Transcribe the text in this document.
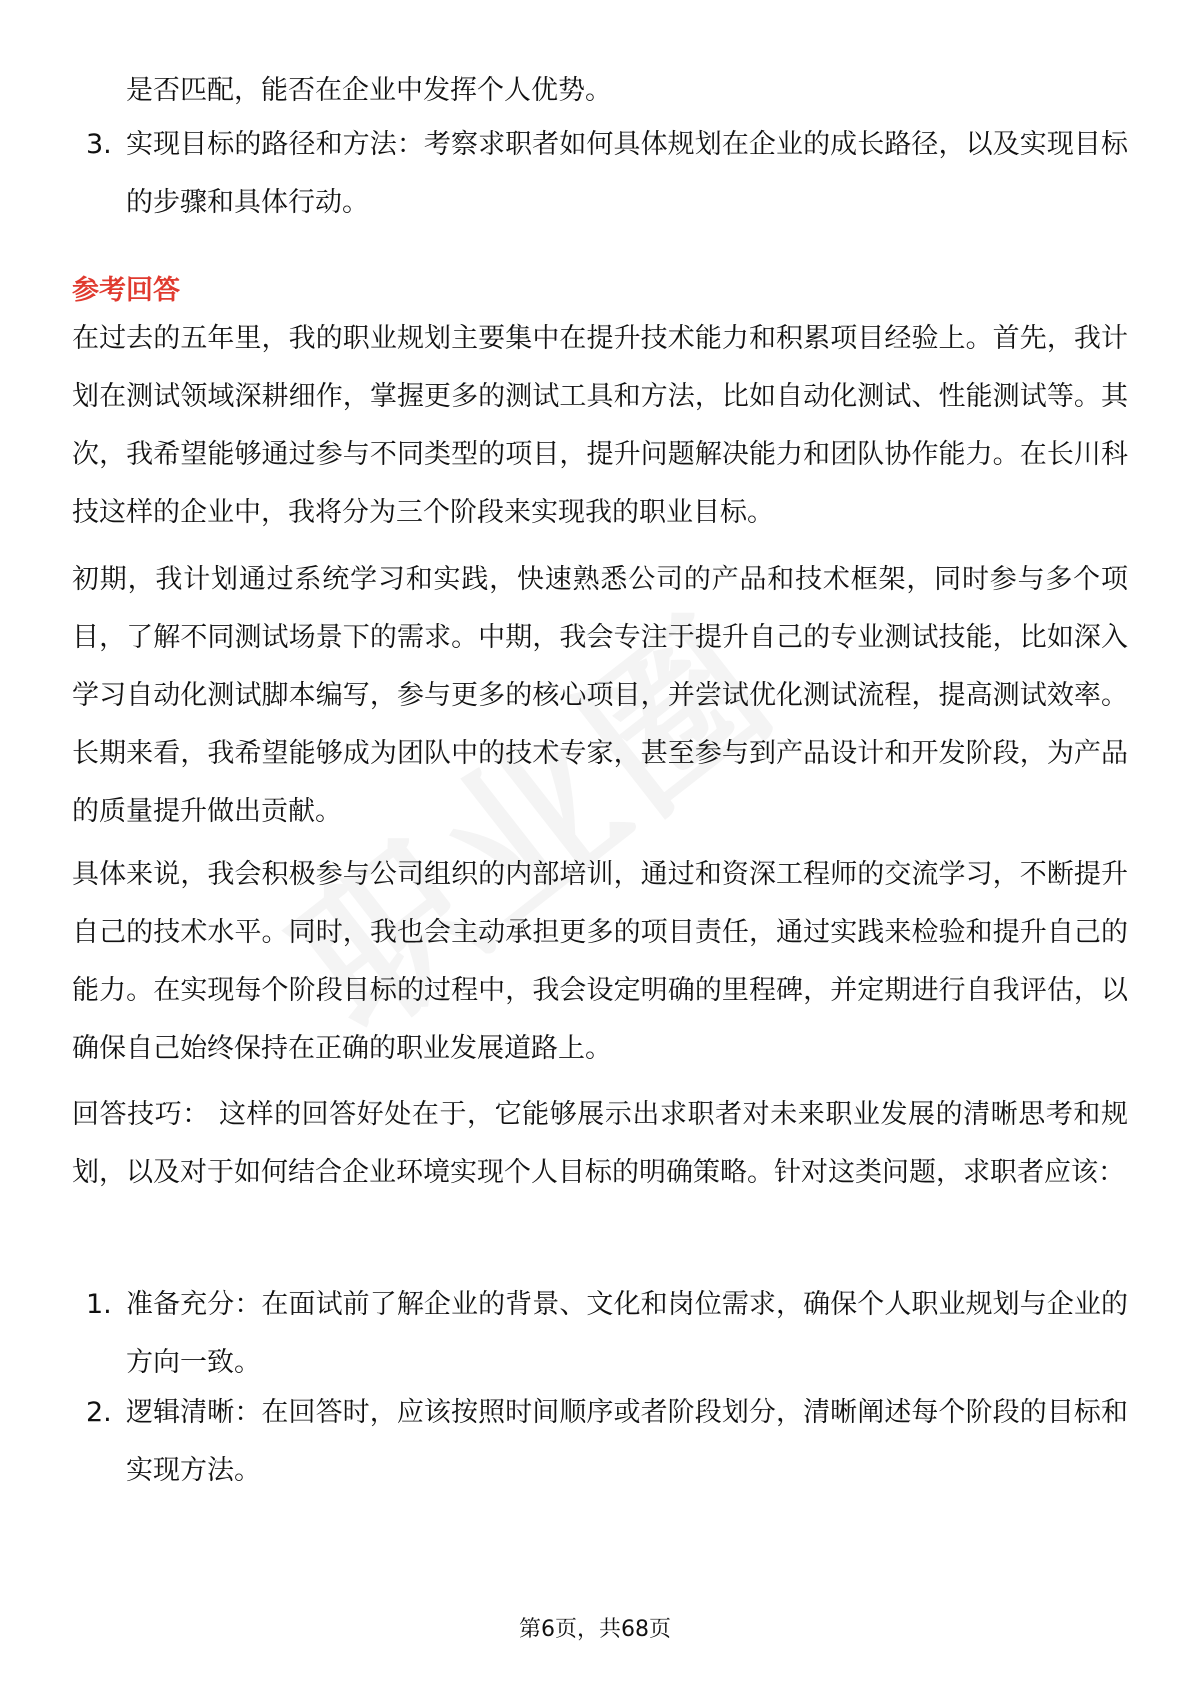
是否匹配，能否在企业中发挥个人优势。

3. 实现目标的路径和方法：考察求职者如何具体规划在企业的成长路径，以及实现目标的步骤和具体行动。
参考回答

在过去的五年里，我的职业规划主要集中在提升技术能力和积累项目经验上。首先，我计划在测试领域深耕细作，掌握更多的测试工具和方法，比如自动化测试、性能测试等。其次，我希望能够通过参与不同类型的项目，提升问题解决能力和团队协作能力。在长川科技这样的企业中，我将分为三个阶段来实现我的职业目标。

初期，我计划通过系统学习和实践，快速熟悉公司的产品和技术框架，同时参与多个项目，了解不同测试场景下的需求。中期，我会专注于提升自己的专业测试技能，比如深入学习自动化测试脚本编写，参与更多的核心项目，并尝试优化测试流程，提高测试效率。长期来看，我希望能够成为团队中的技术专家，甚至参与到产品设计和开发阶段，为产品的质量提升做出贡献。

具体来说，我会积极参与公司组织的内部培训，通过和资深工程师的交流学习，不断提升自己的技术水平。同时，我也会主动承担更多的项目责任，通过实践来检验和提升自己的能力。在实现每个阶段目标的过程中，我会设定明确的里程碑，并定期进行自我评估，以确保自己始终保持在正确的职业发展道路上。

回答技巧： 这样的回答好处在于，它能够展示出求职者对未来职业发展的清晰思考和规划，以及对于如何结合企业环境实现个人目标的明确策略。针对这类问题，求职者应该：

1. 准备充分：在面试前了解企业的背景、文化和岗位需求，确保个人职业规划与企业的方向一致。
2. 逻辑清晰：在回答时，应该按照时间顺序或者阶段划分，清晰阐述每个阶段的目标和实现方法。
第6页，共68页
